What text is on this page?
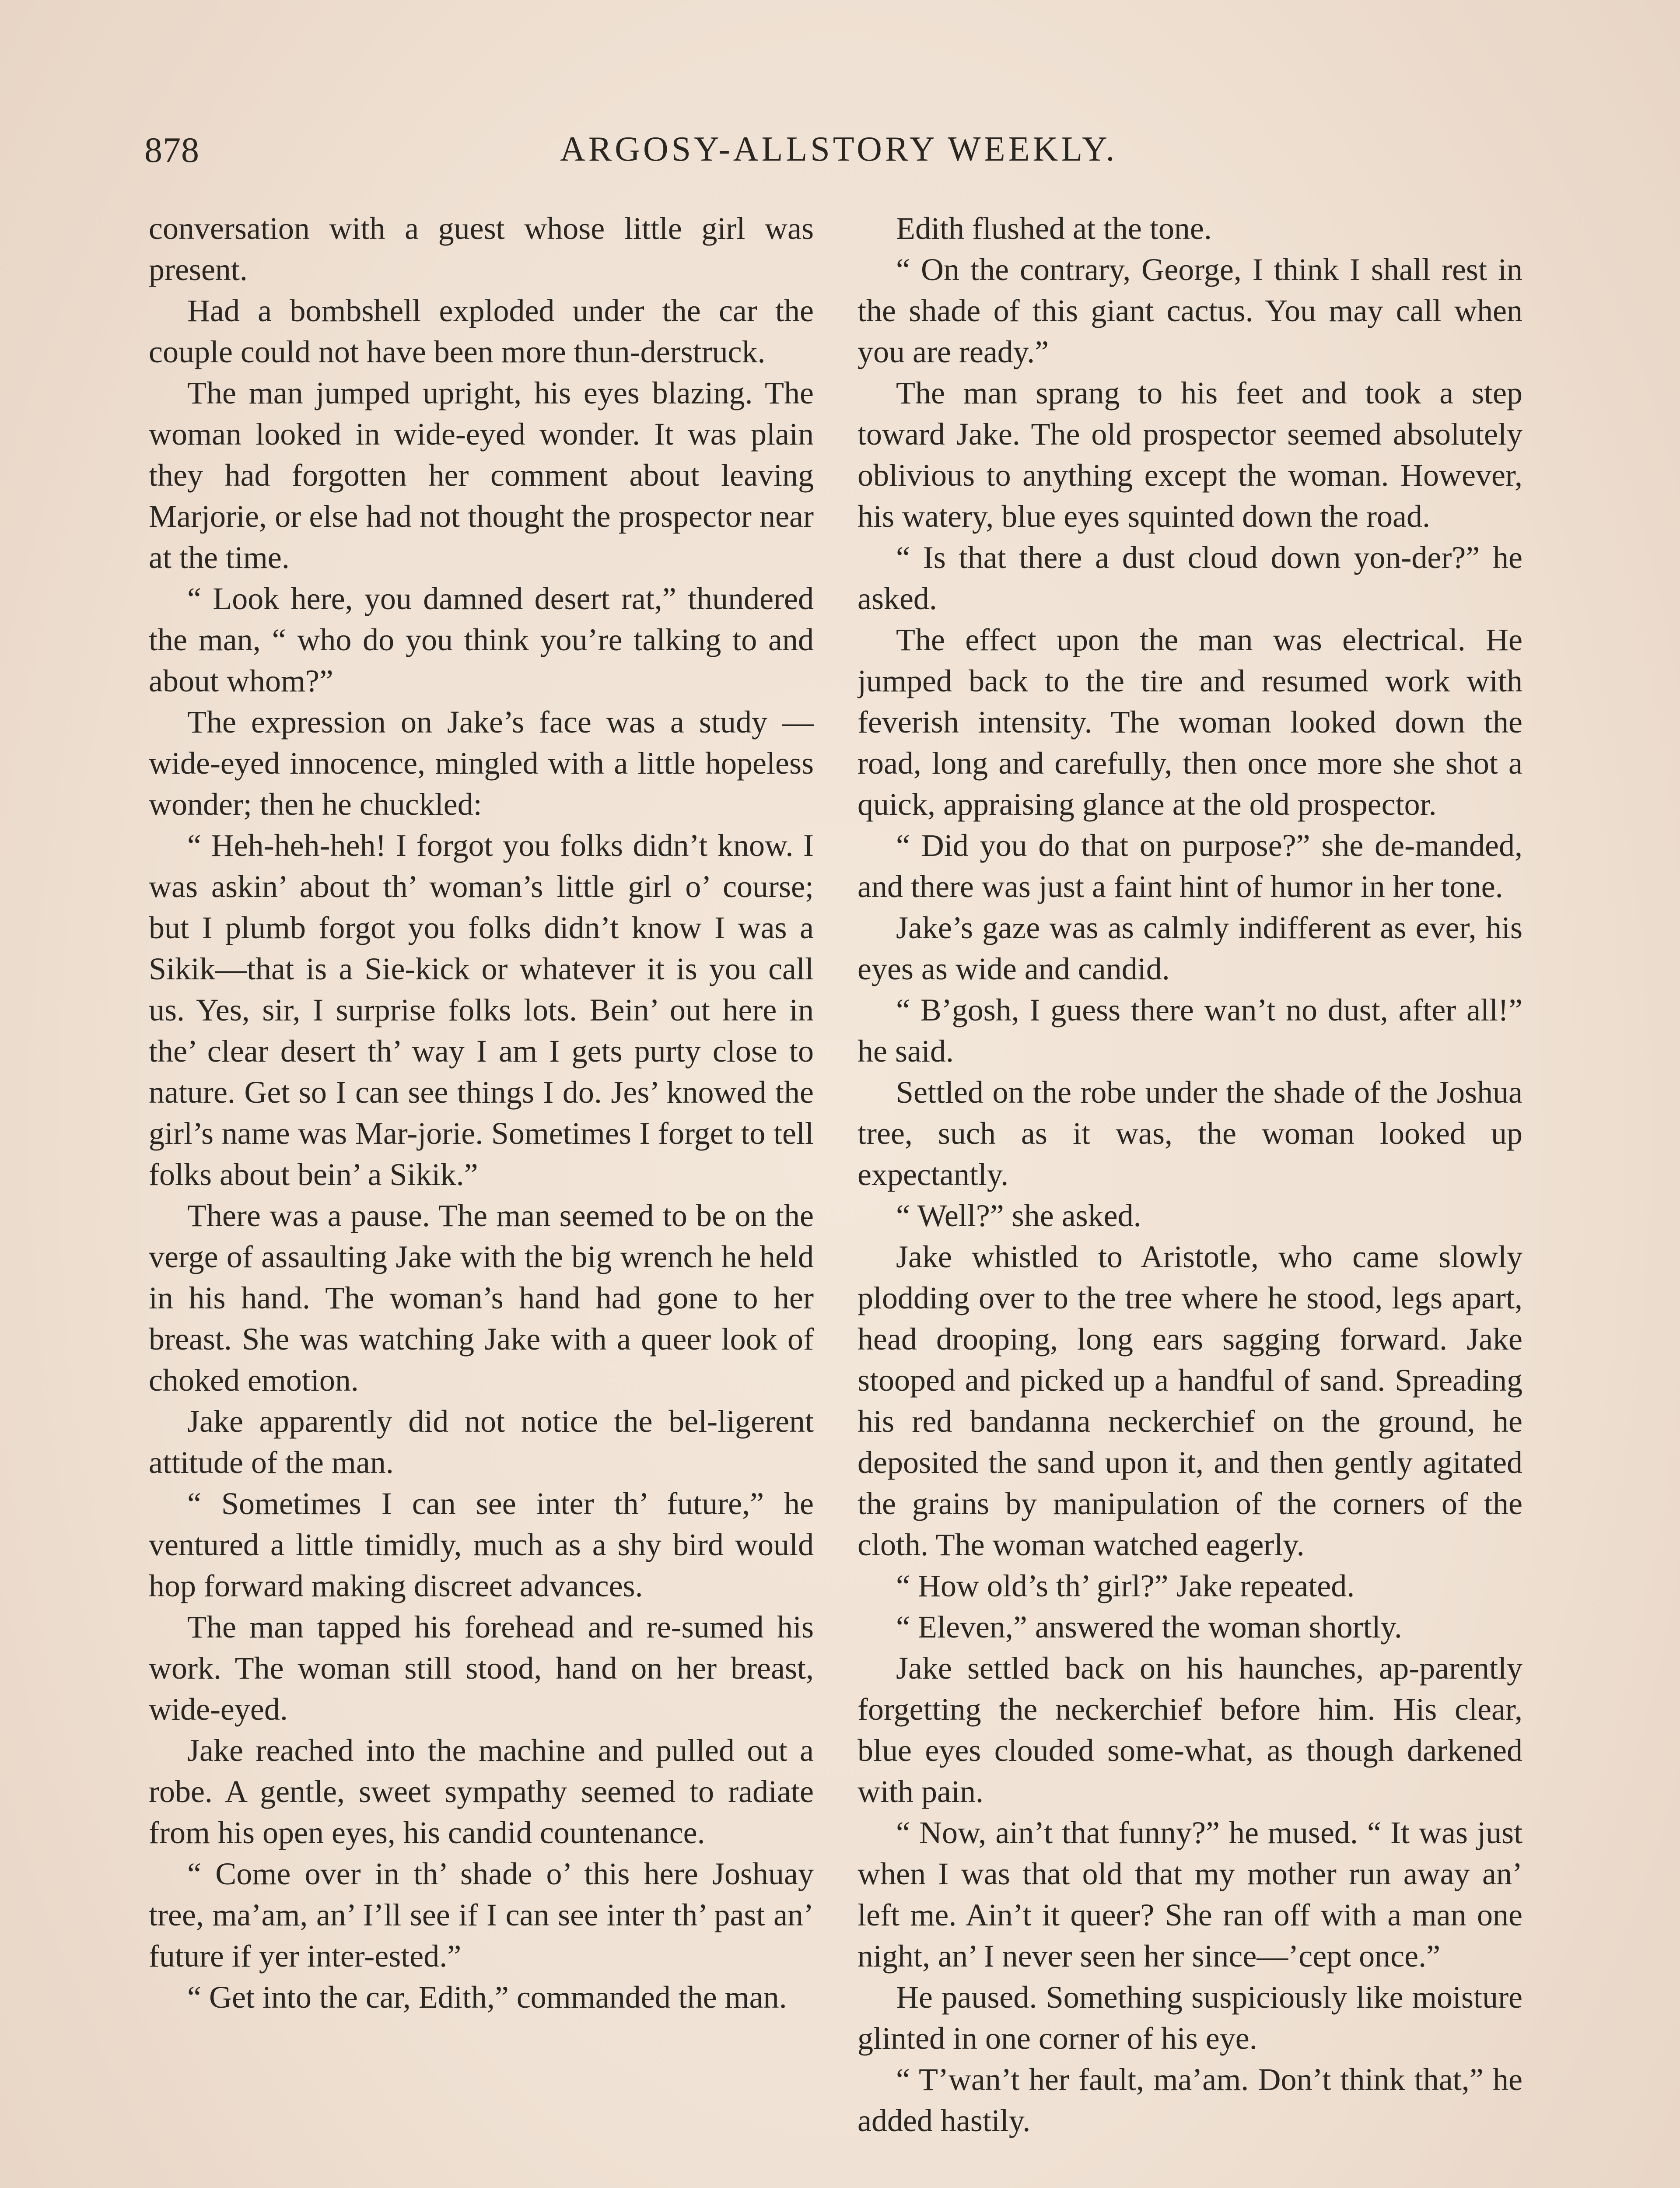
878	ARGOSY-ALLSTORY WEEKLY.

conversation with a guest whose little girl was present.

Had a bombshell exploded under the car the couple could not have been more thun-derstruck.

The man jumped upright, his eyes blazing. The woman looked in wide-eyed wonder. It was plain they had forgotten her comment about leaving Marjorie, or else had not thought the prospector near at the time.

“ Look here, you damned desert rat,” thundered the man, “ who do you think you’re talking to and about whom?”

The expression on Jake’s face was a study —wide-eyed innocence, mingled with a little hopeless wonder; then he chuckled:

“ Heh-heh-heh! I forgot you folks didn’t know. I was askin’ about th’ woman’s little girl o’ course; but I plumb forgot you folks didn’t know I was a Sikik—that is a Sie-kick or whatever it is you call us. Yes, sir, I surprise folks lots. Bein’ out here in the’ clear desert th’ way I am I gets purty close to nature. Get so I can see things I do. Jes’ knowed the girl’s name was Mar-jorie. Sometimes I forget to tell folks about bein’ a Sikik.”

There was a pause. The man seemed to be on the verge of assaulting Jake with the big wrench he held in his hand. The woman’s hand had gone to her breast. She was watching Jake with a queer look of choked emotion.

Jake apparently did not notice the bel-ligerent attitude of the man.

“ Sometimes I can see inter th’ future,” he ventured a little timidly, much as a shy bird would hop forward making discreet advances.

The man tapped his forehead and re-sumed his work. The woman still stood, hand on her breast, wide-eyed.

Jake reached into the machine and pulled out a robe. A gentle, sweet sympathy seemed to radiate from his open eyes, his candid countenance.

“ Come over in th’ shade o’ this here Joshuay tree, ma’am, an’ I’ll see if I can see inter th’ past an’ future if yer inter-ested.”

“ Get into the car, Edith,” commanded the man.

Edith flushed at the tone.

“ On the contrary, George, I think I shall rest in the shade of this giant cactus. You may call when you are ready.”

The man sprang to his feet and took a step toward Jake. The old prospector seemed absolutely oblivious to anything except the woman. However, his watery, blue eyes squinted down the road.

“ Is that there a dust cloud down yon-der?” he asked.

The effect upon the man was electrical. He jumped back to the tire and resumed work with feverish intensity. The woman looked down the road, long and carefully, then once more she shot a quick, appraising glance at the old prospector.

“ Did you do that on purpose?” she de-manded, and there was just a faint hint of humor in her tone.

Jake’s gaze was as calmly indifferent as ever, his eyes as wide and candid.

“ B’gosh, I guess there wan’t no dust, after all!” he said.

Settled on the robe under the shade of the Joshua tree, such as it was, the woman looked up expectantly.

“ Well?” she asked.

Jake whistled to Aristotle, who came slowly plodding over to the tree where he stood, legs apart, head drooping, long ears sagging forward. Jake stooped and picked up a handful of sand. Spreading his red bandanna neckerchief on the ground, he deposited the sand upon it, and then gently agitated the grains by manipulation of the corners of the cloth. The woman watched eagerly.

“ How old’s th’ girl?” Jake repeated.

“ Eleven,” answered the woman shortly.

Jake settled back on his haunches, ap-parently forgetting the neckerchief before him. His clear, blue eyes clouded some-what, as though darkened with pain.

“ Now, ain’t that funny?” he mused. “ It was just when I was that old that my mother run away an’ left me. Ain’t it queer? She ran off with a man one night, an’ I never seen her since—’cept once.”

He paused. Something suspiciously like moisture glinted in one corner of his eye.

“ T’wan’t her fault, ma’am. Don’t think that,” he added hastily.
